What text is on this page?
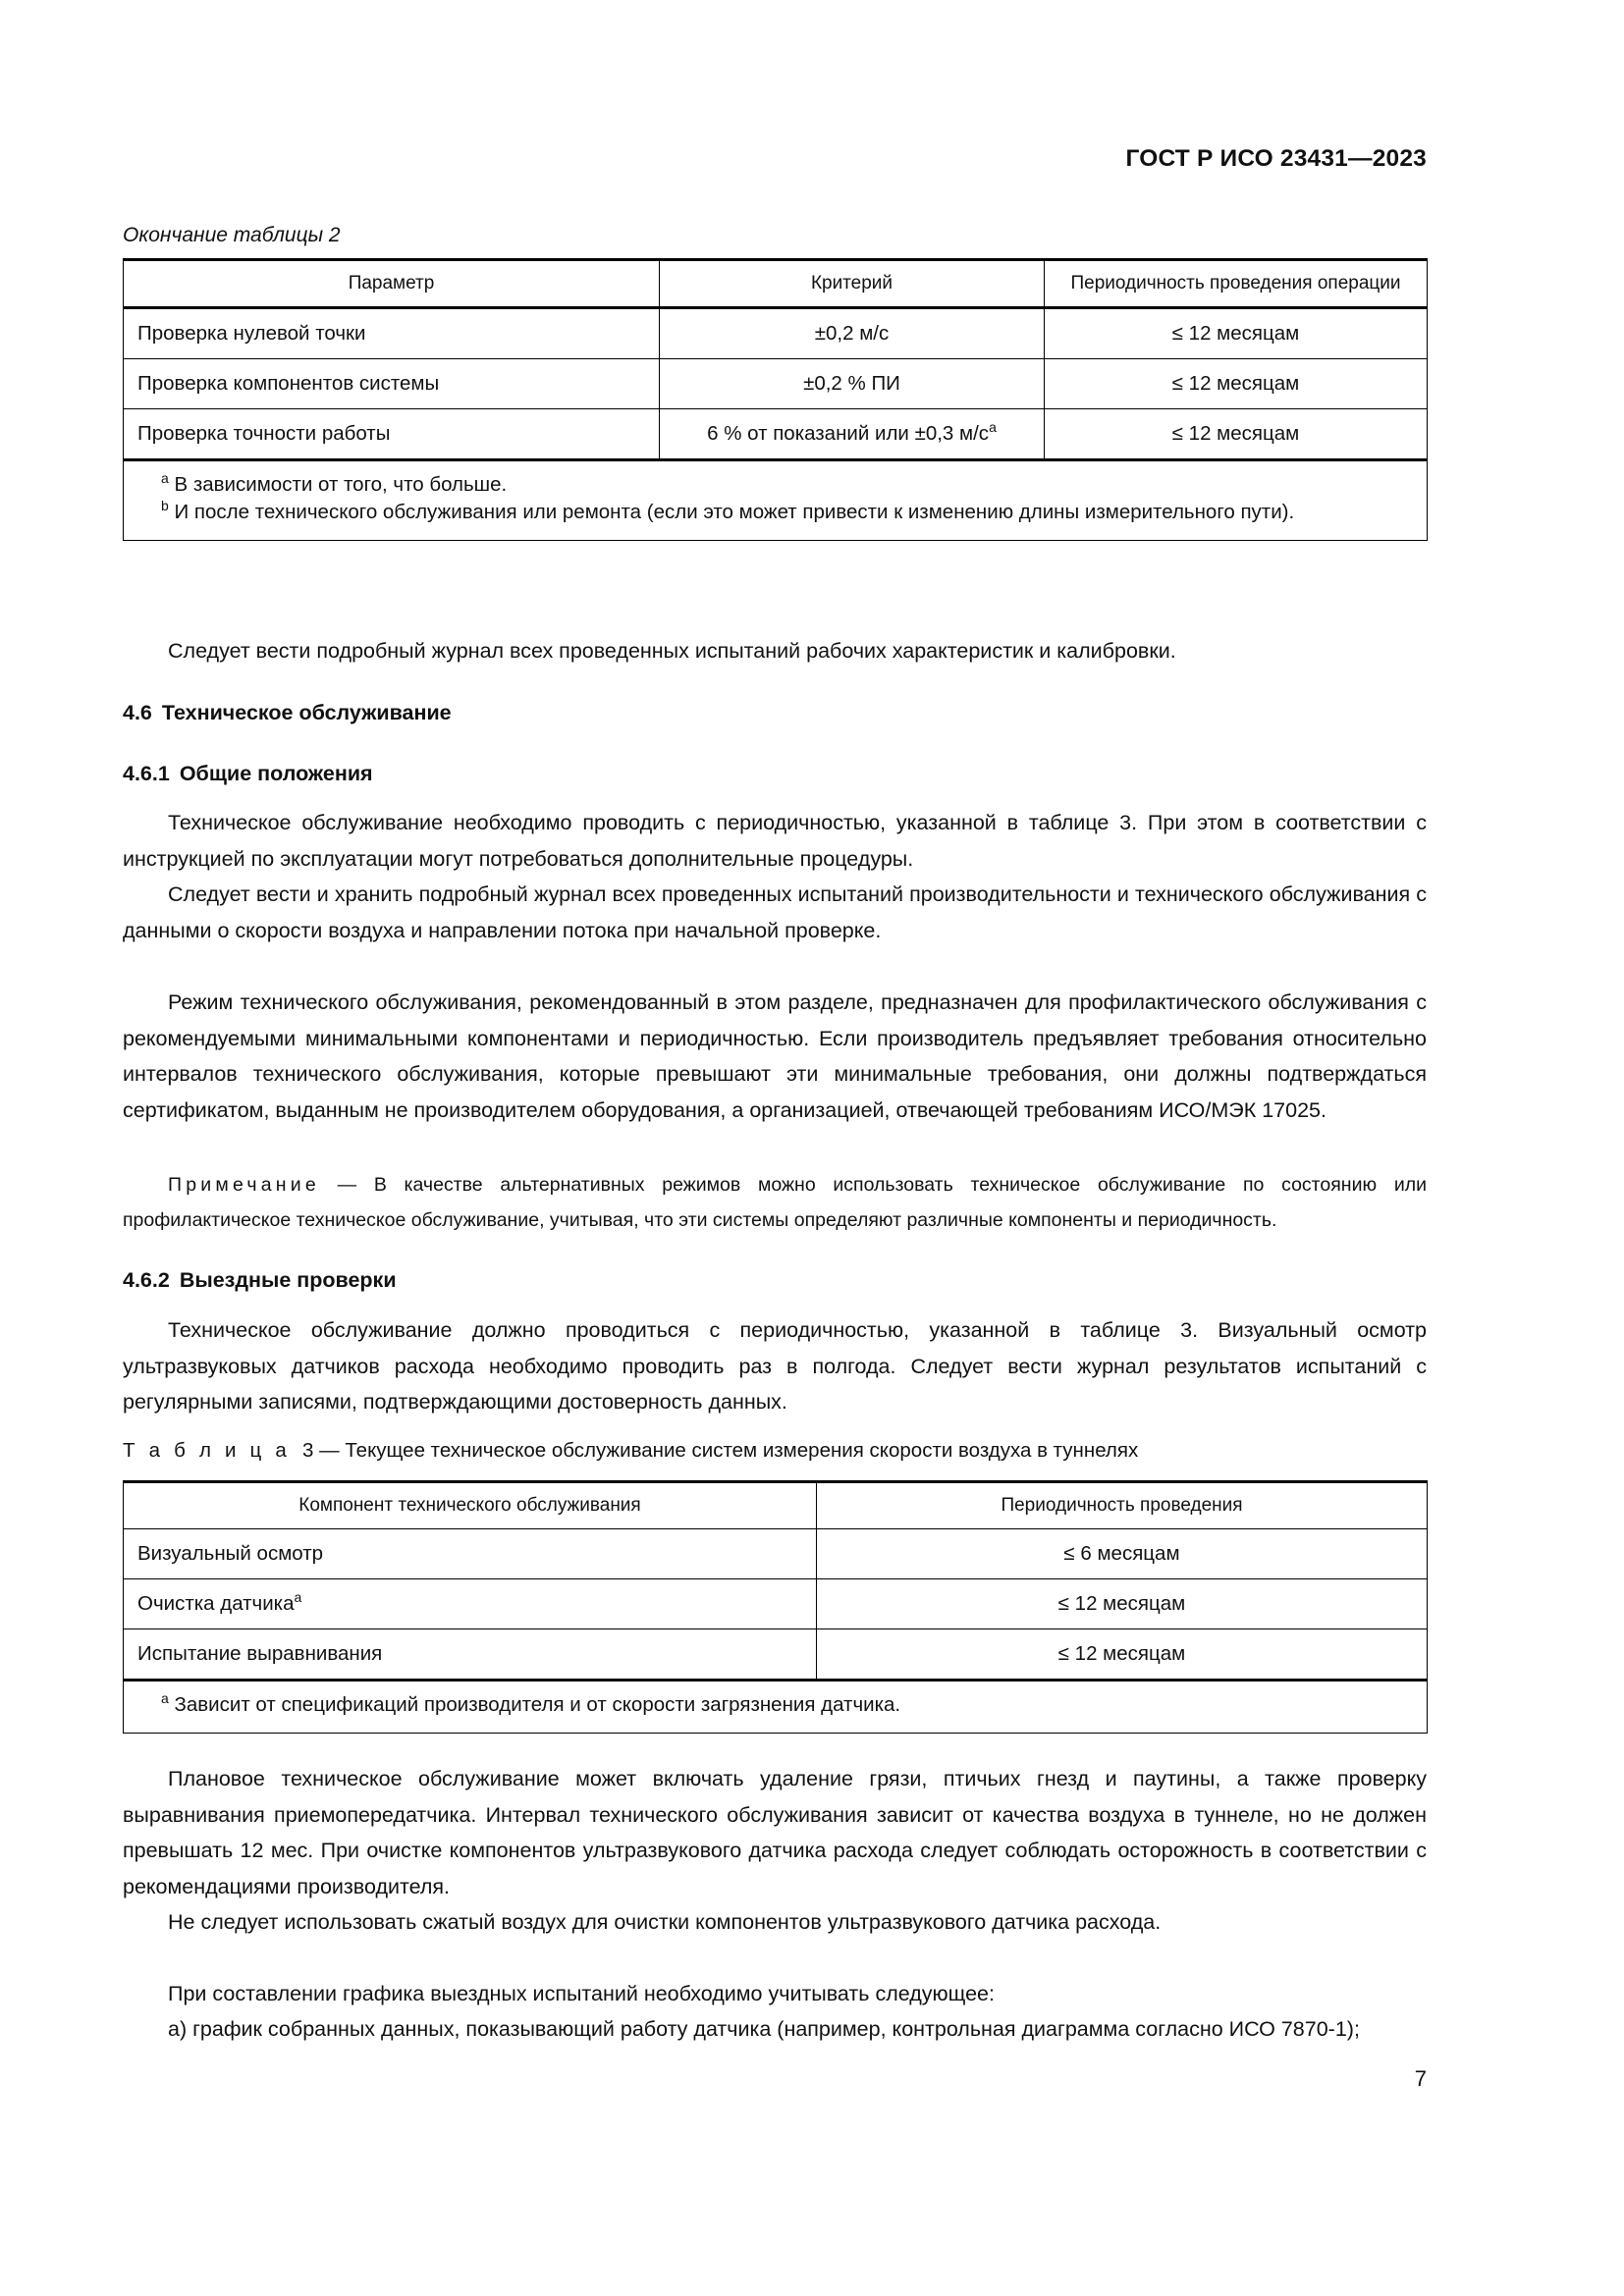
ГОСТ Р ИСО 23431—2023
Окончание таблицы 2
Параметр	Критерий	Периодичность проведения операции
Проверка нулевой точки	±0,2 м/с	≤ 12 месяцам
Проверка компонентов системы	±0,2 % ПИ	≤ 12 месяцам
Проверка точности работы	6 % от показаний или ±0,3 м/с$^a$	≤ 12 месяцам

$^a$ В зависимости от того, что больше.
$^b$ И после технического обслуживания или ремонта (если это может привести к изменению длины измерительного пути).		
Следует вести подробный журнал всех проведенных испытаний рабочих характеристик и калибровки.
4.6 Техническое обслуживание
4.6.1 Общие положения
Техническое обслуживание необходимо проводить с периодичностью, указанной в таблице 3. При этом в соответствии с инструкцией по эксплуатации могут потребоваться дополнительные процедуры.
Следует вести и хранить подробный журнал всех проведенных испытаний производительности и технического обслуживания с данными о скорости воздуха и направлении потока при начальной проверке.
Режим технического обслуживания, рекомендованный в этом разделе, предназначен для профилактического обслуживания с рекомендуемыми минимальными компонентами и периодичностью. Если производитель предъявляет требования относительно интервалов технического обслуживания, которые превышают эти минимальные требования, они должны подтверждаться сертификатом, выданным не производителем оборудования, а организацией, отвечающей требованиям ИСО/МЭК 17025.
Примечание — В качестве альтернативных режимов можно использовать техническое обслуживание по состоянию или профилактическое техническое обслуживание, учитывая, что эти системы определяют различные компоненты и периодичность.
4.6.2 Выездные проверки
Техническое обслуживание должно проводиться с периодичностью, указанной в таблице 3. Визуальный осмотр ультразвуковых датчиков расхода необходимо проводить раз в полгода. Следует вести журнал результатов испытаний с регулярными записями, подтверждающими достоверность данных.
Т а б л и ц а 3 — Текущее техническое обслуживание систем измерения скорости воздуха в туннелях
Компонент технического обслуживания	Периодичность проведения
Визуальный осмотр	≤ 6 месяцам
Очистка датчика$^a$	≤ 12 месяцам
Испытание выравнивания	≤ 12 месяцам

$^a$ Зависит от спецификаций производителя и от скорости загрязнения датчика.	
Плановое техническое обслуживание может включать удаление грязи, птичьих гнезд и паутины, а также проверку выравнивания приемопередатчика. Интервал технического обслуживания зависит от качества воздуха в туннеле, но не должен превышать 12 мес. При очистке компонентов ультразвукового датчика расхода следует соблюдать осторожность в соответствии с рекомендациями производителя.
Не следует использовать сжатый воздух для очистки компонентов ультразвукового датчика расхода.
При составлении графика выездных испытаний необходимо учитывать следующее:
a) график собранных данных, показывающий работу датчика (например, контрольная диаграмма согласно ИСО 7870-1);
7
